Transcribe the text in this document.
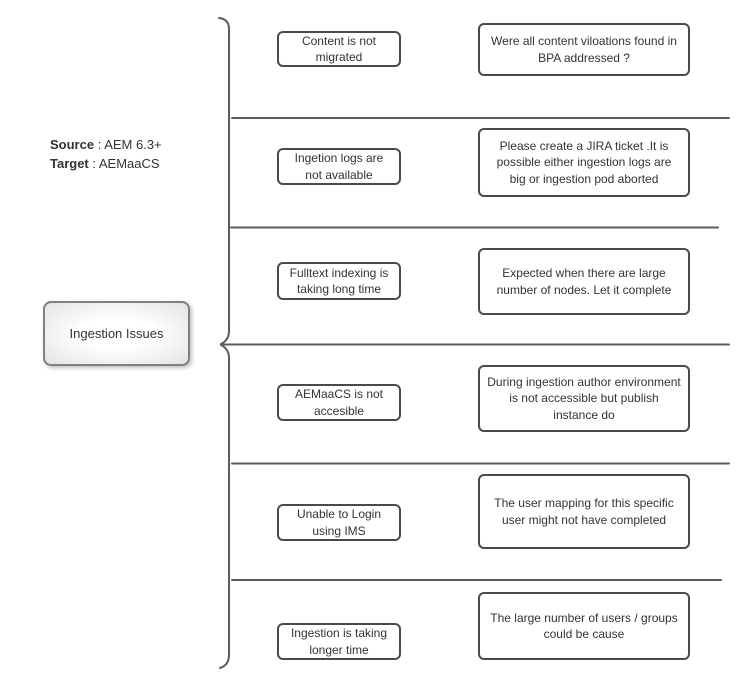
Source : AEM 6.3+
Target : AEMaaCS
Ingestion Issues
Content is not migrated
Were all content viloations found in BPA addressed ?
Ingetion logs are not available
Please create a JIRA ticket .It is possible either ingestion logs are big or ingestion pod aborted
Fulltext indexing is taking long time
Expected when there are large number of nodes. Let it complete
AEMaaCS is not accesible
During ingestion author environment is not accessible but publish instance do
Unable to Login using IMS
The user mapping for this specific user might not have completed
Ingestion is taking longer time
The large number of users / groups could be cause
